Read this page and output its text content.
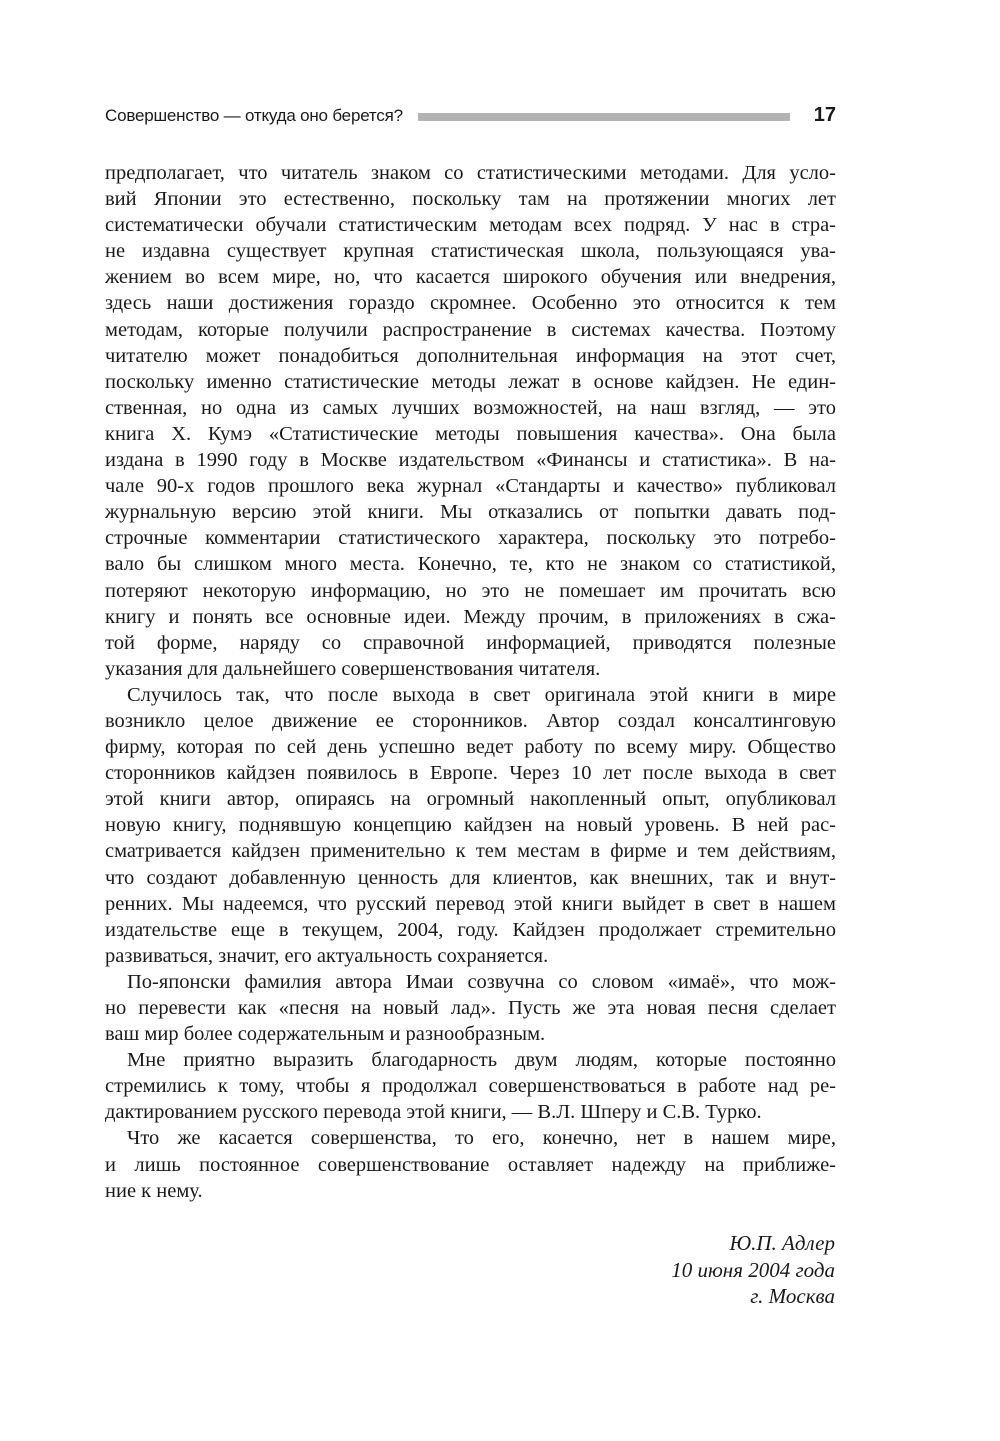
Совершенство — откуда оно берется?	17
предполагает, что читатель знаком со статистическими методами. Для усло-
вий Японии это естественно, поскольку там на протяжении многих лет
систематически обучали статистическим методам всех подряд. У нас в стра-
не издавна существует крупная статистическая школа, пользующаяся ува-
жением во всем мире, но, что касается широкого обучения или внедрения,
здесь наши достижения гораздо скромнее. Особенно это относится к тем
методам, которые получили распространение в системах качества. Поэтому
читателю может понадобиться дополнительная информация на этот счет,
поскольку именно статистические методы лежат в основе кайдзен. Не един-
ственная, но одна из самых лучших возможностей, на наш взгляд, — это
книга Х. Кумэ «Статистические методы повышения качества». Она была
издана в 1990 году в Москве издательством «Финансы и статистика». В на-
чале 90-х годов прошлого века журнал «Стандарты и качество» публиковал
журнальную версию этой книги. Мы отказались от попытки давать под-
строчные комментарии статистического характера, поскольку это потребо-
вало бы слишком много места. Конечно, те, кто не знаком со статистикой,
потеряют некоторую информацию, но это не помешает им прочитать всю
книгу и понять все основные идеи. Между прочим, в приложениях в сжа-
той форме, наряду со справочной информацией, приводятся полезные
указания для дальнейшего совершенствования читателя.
Случилось так, что после выхода в свет оригинала этой книги в мире
возникло целое движение ее сторонников. Автор создал консалтинговую
фирму, которая по сей день успешно ведет работу по всему миру. Общество
сторонников кайдзен появилось в Европе. Через 10 лет после выхода в свет
этой книги автор, опираясь на огромный накопленный опыт, опубликовал
новую книгу, поднявшую концепцию кайдзен на новый уровень. В ней рас-
сматривается кайдзен применительно к тем местам в фирме и тем действиям,
что создают добавленную ценность для клиентов, как внешних, так и внут-
ренних. Мы надеемся, что русский перевод этой книги выйдет в свет в нашем
издательстве еще в текущем, 2004, году. Кайдзен продолжает стремительно
развиваться, значит, его актуальность сохраняется.
По-японски фамилия автора Имаи созвучна со словом «имаё», что мож-
но перевести как «песня на новый лад». Пусть же эта новая песня сделает
ваш мир более содержательным и разнообразным.
Мне приятно выразить благодарность двум людям, которые постоянно
стремились к тому, чтобы я продолжал совершенствоваться в работе над ре-
дактированием русского перевода этой книги, — В.Л. Шперу и С.В. Турко.
Что же касается совершенства, то его, конечно, нет в нашем мире,
и лишь постоянное совершенствование оставляет надежду на приближе-
ние к нему.
Ю.П. Адлер
10 июня 2004 года
г. Москва
